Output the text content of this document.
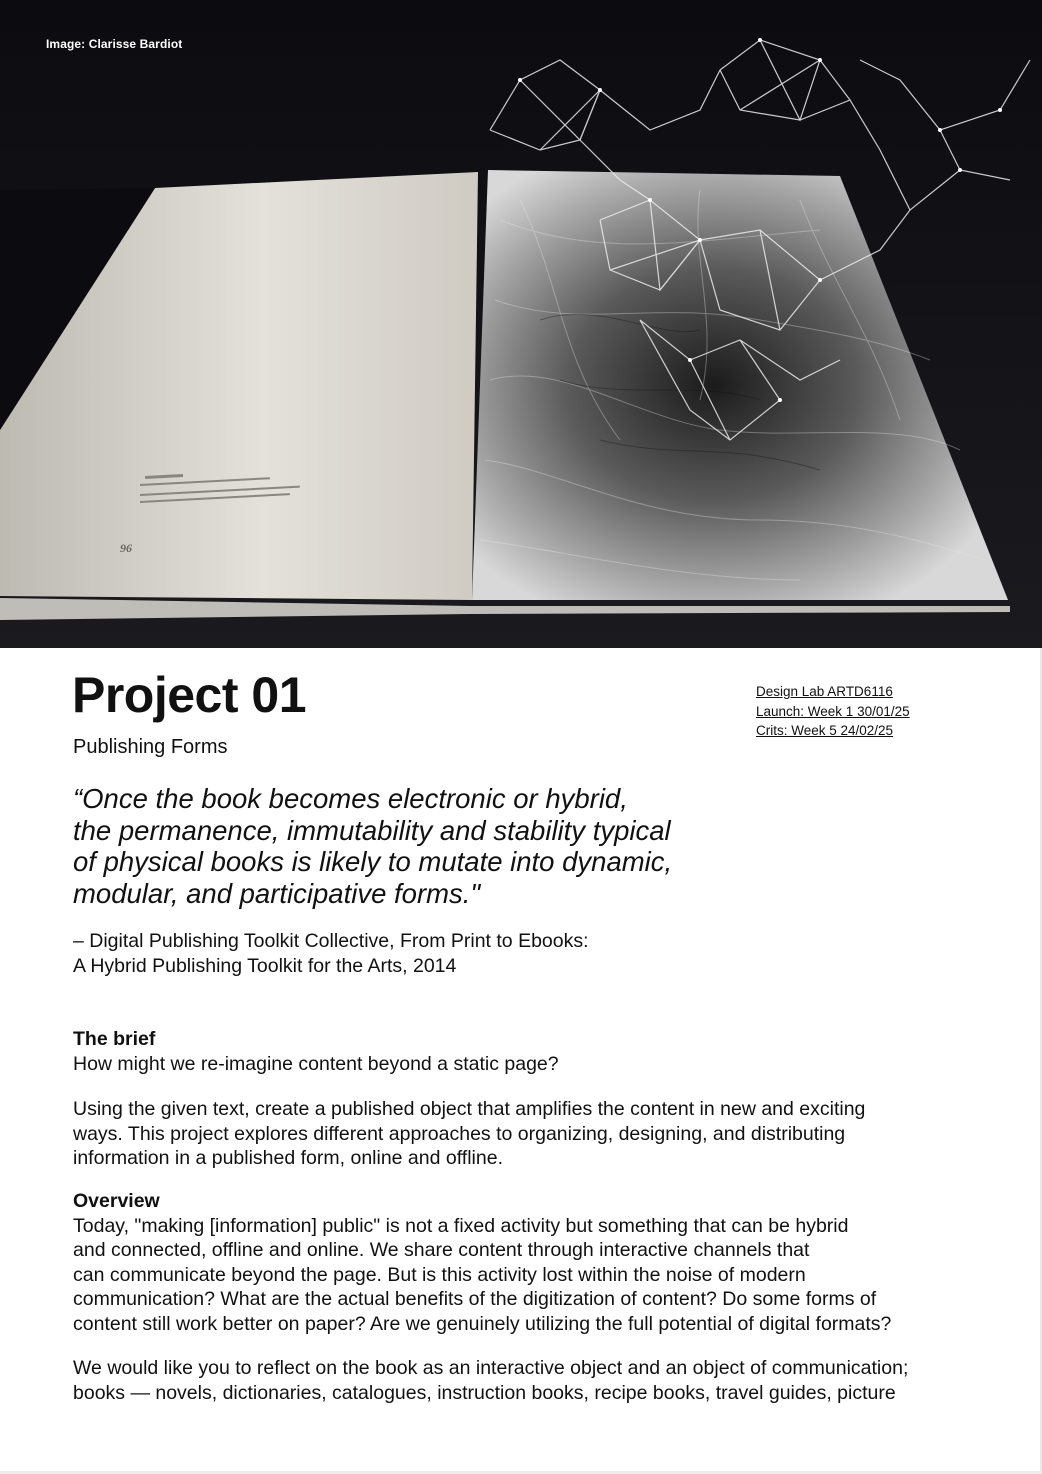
96
Image: Clarisse Bardiot
Project 01
Publishing Forms
Design Lab ARTD6116
Launch: Week 1 30/01/25
Crits: Week 5 24/02/25
“Once the book becomes electronic or hybrid,
the permanence, immutability and stability typical
of physical books is likely to mutate into dynamic,
modular, and participative forms."
– Digital Publishing Toolkit Collective, From Print to Ebooks:
A Hybrid Publishing Toolkit for the Arts, 2014

The brief

How might we re-imagine content beyond a static page?

Using the given text, create a published object that amplifies the content in new and exciting

ways. This project explores different approaches to organizing, designing, and distributing

information in a published form, online and offline.

Overview

Today, "making [information] public" is not a fixed activity but something that can be hybrid

and connected, offline and online. We share content through interactive channels that

can communicate beyond the page. But is this activity lost within the noise of modern

communication? What are the actual benefits of the digitization of content? Do some forms of

content still work better on paper? Are we genuinely utilizing the full potential of digital formats?

We would like you to reflect on the book as an interactive object and an object of communication;

books — novels, dictionaries, catalogues, instruction books, recipe books, travel guides, picture
